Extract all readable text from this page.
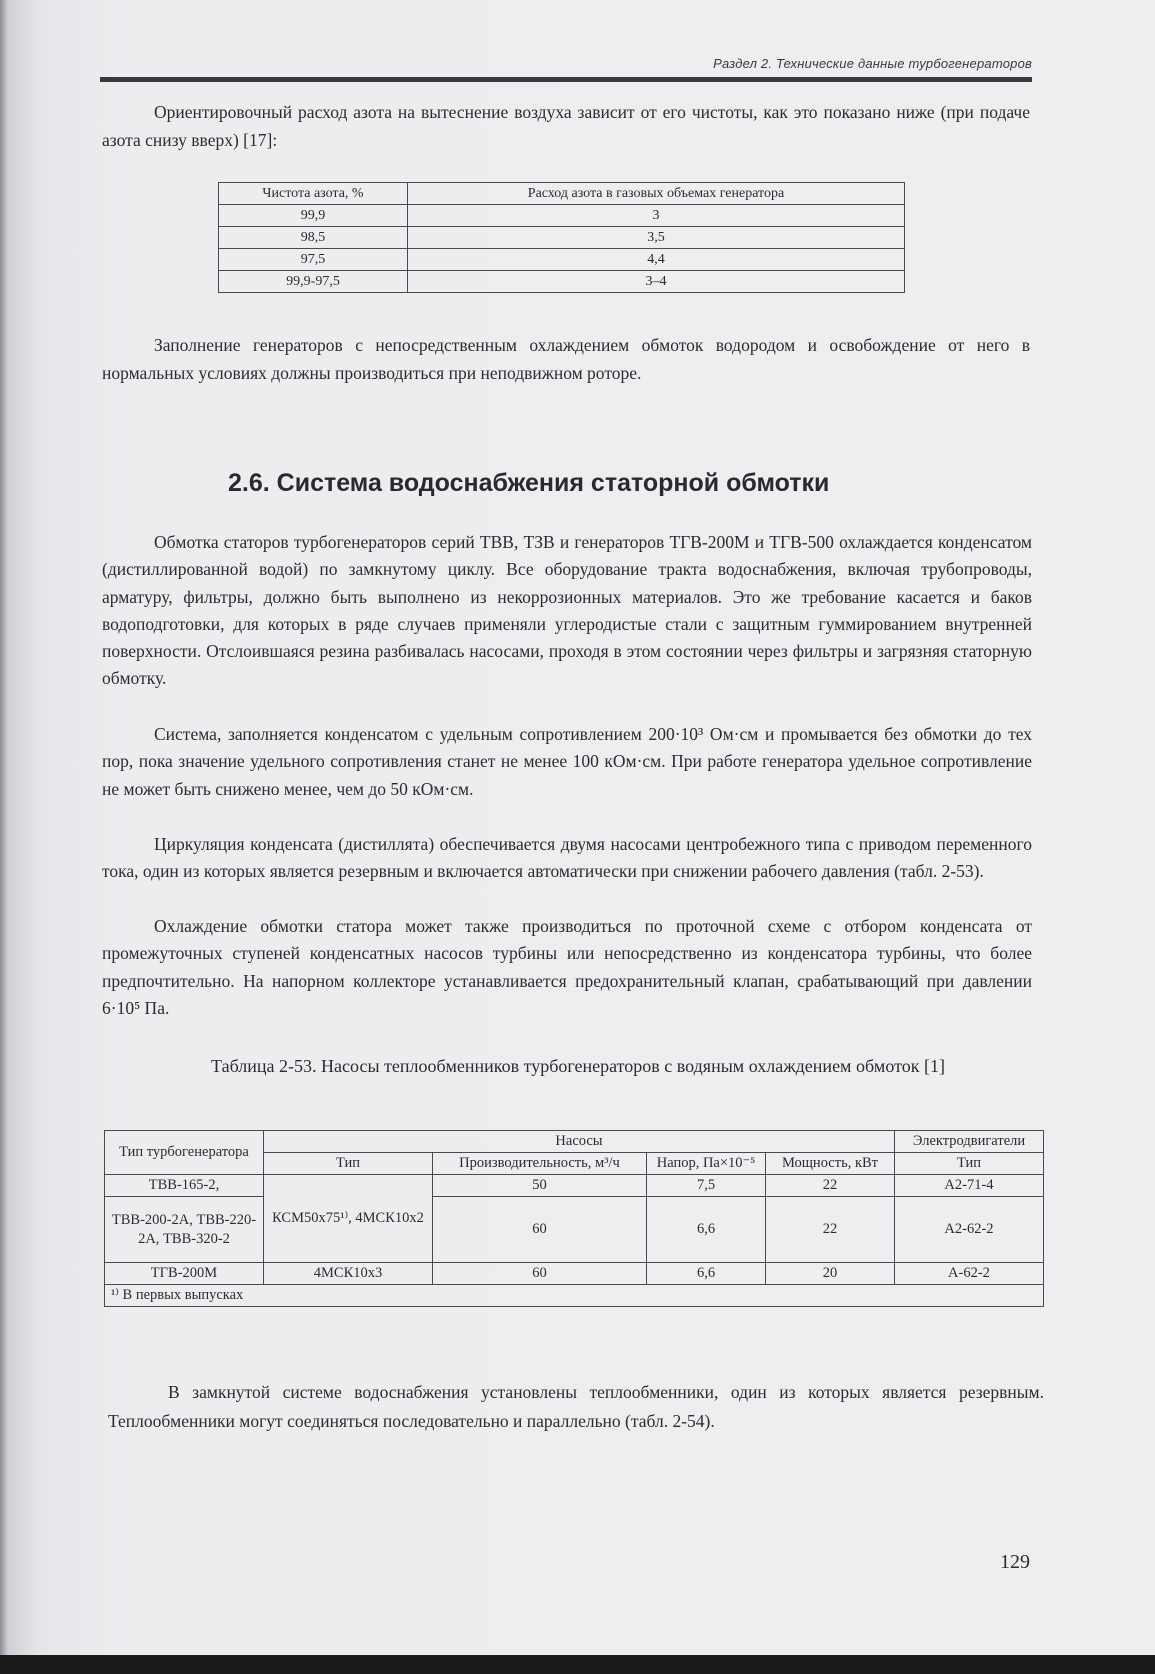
Раздел 2. Технические данные турбогенераторов

Ориентировочный расход азота на вытеснение воздуха зависит от его чистоты, как это показано ниже (при подаче азота снизу вверх) [17]:

Чистота азота, %	Расход азота в газовых объемах генератора
99,9	3
98,5	3,5
97,5	4,4
99,9-97,5	3–4

Заполнение генераторов с непосредственным охлаждением обмоток водородом и освобождение от него в нормальных условиях должны производиться при неподвижном роторе.

2.6. Система водоснабжения статорной обмотки

Обмотка статоров турбогенераторов серий ТВВ, ТЗВ и генераторов ТГВ-200М и ТГВ-500 охлаждается конденсатом (дистиллированной водой) по замкнутому циклу. Все оборудование тракта водоснабжения, включая трубопроводы, арматуру, фильтры, должно быть выполнено из некоррозионных материалов. Это же требование касается и баков водоподготовки, для которых в ряде случаев применяли углеродистые стали с защитным гуммированием внутренней поверхности. Отслоившаяся резина разбивалась насосами, проходя в этом состоянии через фильтры и загрязняя статорную обмотку.

Система, заполняется конденсатом с удельным сопротивлением 200·10³ Ом·см и промывается без обмотки до тех пор, пока значение удельного сопротивления станет не менее 100 кОм·см. При работе генератора удельное сопротивление не может быть снижено менее, чем до 50 кОм·см.

Циркуляция конденсата (дистиллята) обеспечивается двумя насосами центробежного типа с приводом переменного тока, один из которых является резервным и включается автоматически при снижении рабочего давления (табл. 2-53).

Охлаждение обмотки статора может также производиться по проточной схеме с отбором конденсата от промежуточных ступеней конденсатных насосов турбины или непосредственно из конденсатора турбины, что более предпочтительно. На напорном коллекторе устанавливается предохранительный клапан, срабатывающий при давлении 6·10⁵ Па.

Таблица 2-53. Насосы теплообменников турбогенераторов с водяным охлаждением обмоток [1]

Тип турбогенератора	Насосы				Электродвигатели
	Тип	Производительность, м³/ч	Напор, Па×10⁻⁵	Мощность, кВт	Тип
ТВВ-165-2,	КСМ50х75¹⁾, 4МСК10х2	50	7,5	22	А2-71-4
ТВВ-200-2А, ТВВ-220-2А, ТВВ-320-2		60	6,6	22	А2-62-2
ТГВ-200М	4МСК10х3	60	6,6	20	А-62-2
¹⁾ В первых выпусках					

В замкнутой системе водоснабжения установлены теплообменники, один из которых является резервным. Теплообменники могут соединяться последовательно и параллельно (табл. 2-54).

129
